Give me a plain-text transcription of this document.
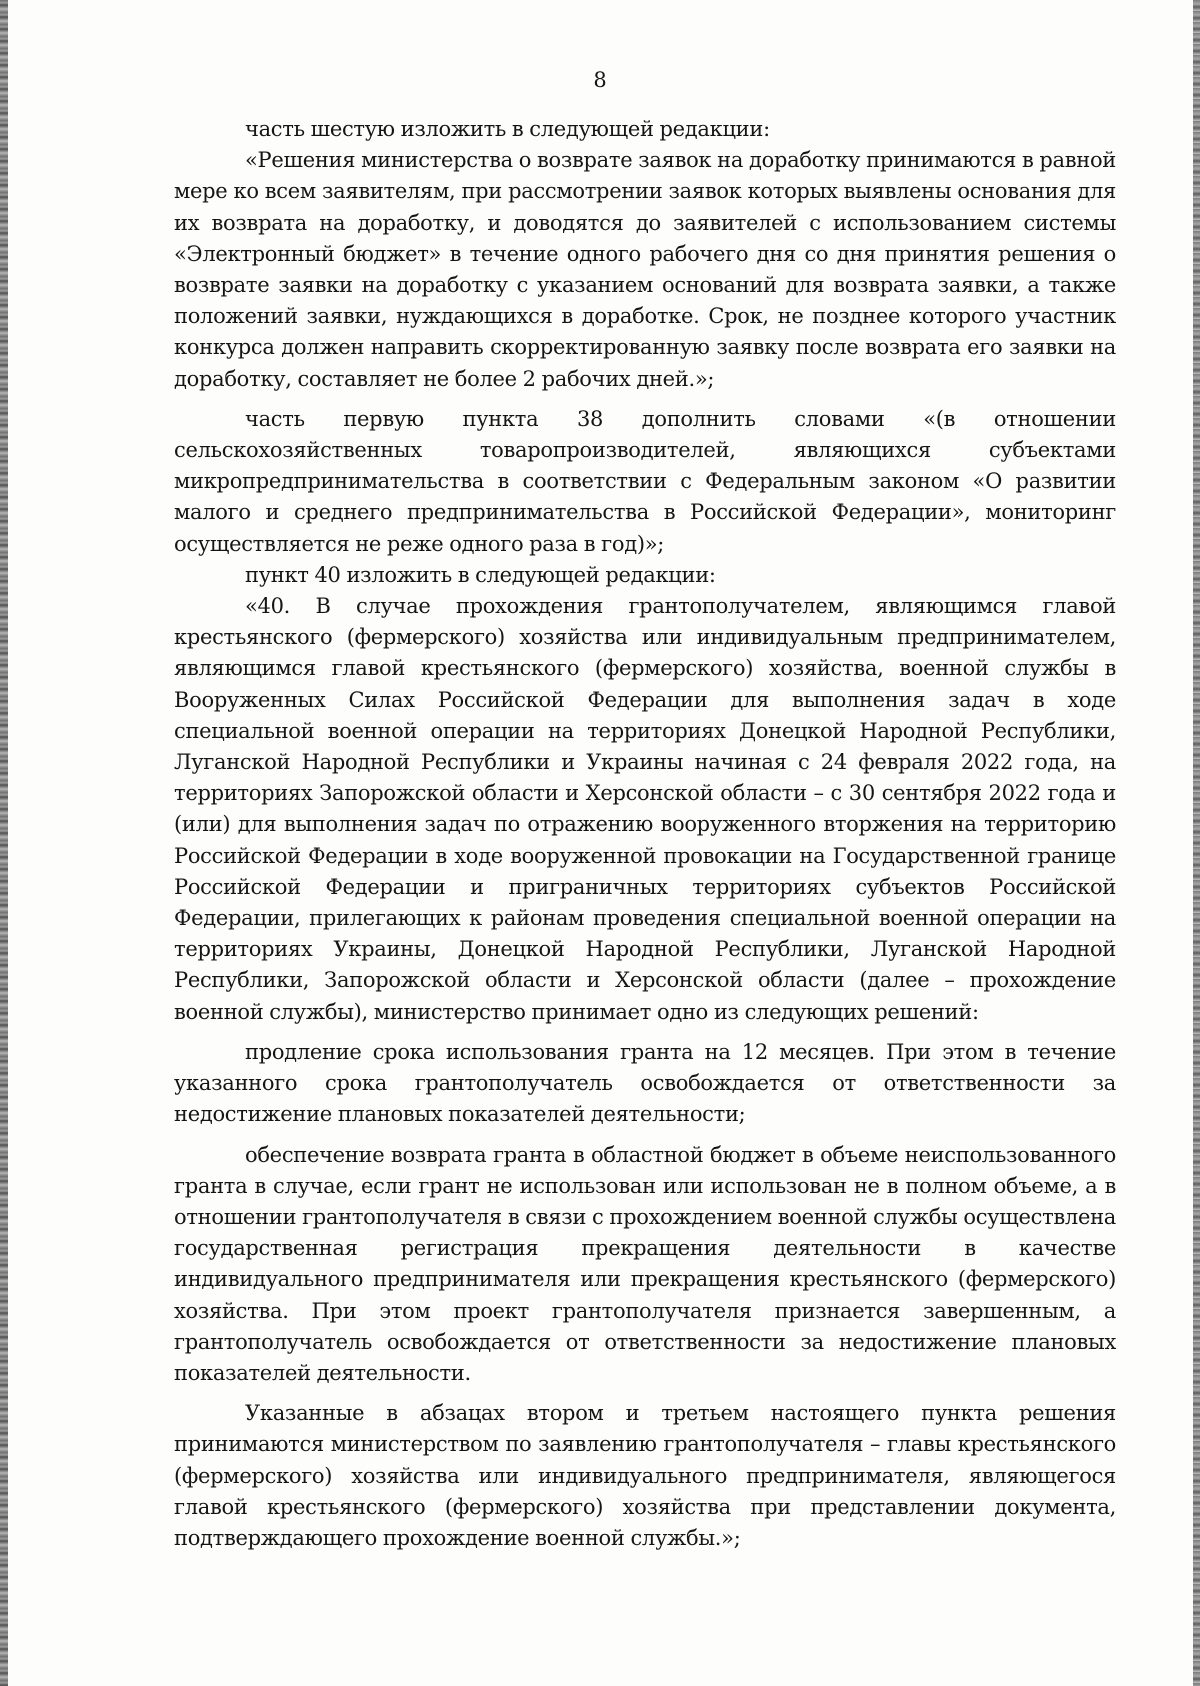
8

часть шестую изложить в следующей редакции:

«Решения министерства о возврате заявок на доработку принимаются в равной мере ко всем заявителям, при рассмотрении заявок которых выявлены основания для их возврата на доработку, и доводятся до заявителей с использованием системы «Электронный бюджет» в течение одного рабочего дня со дня принятия решения о возврате заявки на доработку с указанием оснований для возврата заявки, а также положений заявки, нуждающихся в доработке. Срок, не позднее которого участник конкурса должен направить скорректированную заявку после возврата его заявки на доработку, составляет не более 2 рабочих дней.»;

часть первую пункта 38 дополнить словами «(в отношении сельскохозяйственных товаропроизводителей, являющихся субъектами микропредпринимательства в соответствии с Федеральным законом «О развитии малого и среднего предпринимательства в Российской Федерации», мониторинг осуществляется не реже одного раза в год)»;

пункт 40 изложить в следующей редакции:

«40. В случае прохождения грантополучателем, являющимся главой крестьянского (фермерского) хозяйства или индивидуальным предпринимателем, являющимся главой крестьянского (фермерского) хозяйства, военной службы в Вооруженных Силах Российской Федерации для выполнения задач в ходе специальной военной операции на территориях Донецкой Народной Республики, Луганской Народной Республики и Украины начиная с 24 февраля 2022 года, на территориях Запорожской области и Херсонской области – с 30 сентября 2022 года и (или) для выполнения задач по отражению вооруженного вторжения на территорию Российской Федерации в ходе вооруженной провокации на Государственной границе Российской Федерации и приграничных территориях субъектов Российской Федерации, прилегающих к районам проведения специальной военной операции на территориях Украины, Донецкой Народной Республики, Луганской Народной Республики, Запорожской области и Херсонской области (далее – прохождение военной службы), министерство принимает одно из следующих решений:

продление срока использования гранта на 12 месяцев. При этом в течение указанного срока грантополучатель освобождается от ответственности за недостижение плановых показателей деятельности;

обеспечение возврата гранта в областной бюджет в объеме неиспользованного гранта в случае, если грант не использован или использован не в полном объеме, а в отношении грантополучателя в связи с прохождением военной службы осуществлена государственная регистрация прекращения деятельности в качестве индивидуального предпринимателя или прекращения крестьянского (фермерского) хозяйства. При этом проект грантополучателя признается завершенным, а грантополучатель освобождается от ответственности за недостижение плановых показателей деятельности.

Указанные в абзацах втором и третьем настоящего пункта решения принимаются министерством по заявлению грантополучателя – главы крестьянского (фермерского) хозяйства или индивидуального предпринимателя, являющегося главой крестьянского (фермерского) хозяйства при представлении документа, подтверждающего прохождение военной службы.»;
